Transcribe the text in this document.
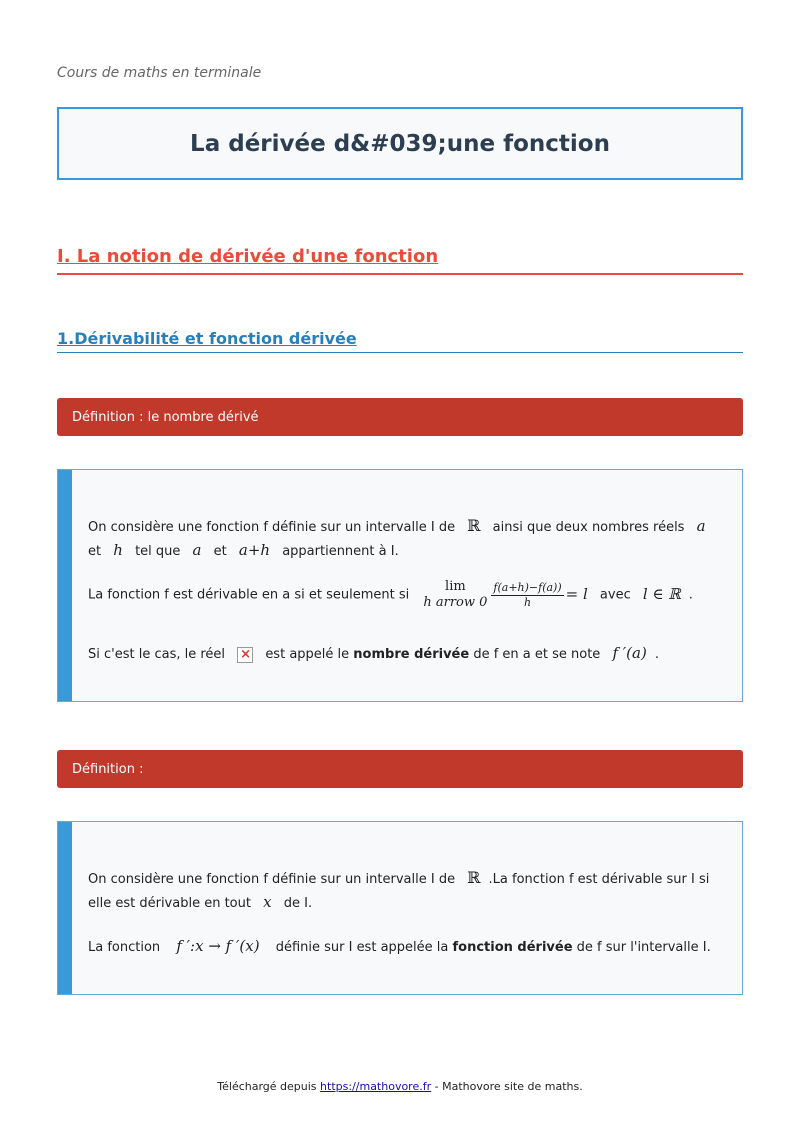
Cours de maths en terminale
La dérivée d&#039;une fonction
I. La notion de dérivée d'une fonction
1.Dérivabilité et fonction dérivée
Définition : le nombre dérivé
On considère une fonction f définie sur un intervalle I de ℝ ainsi que deux nombres réels a et h tel que a et a+h appartiennent à I.
La fonction f est dérivable en a si et seulement si
lim
h arrow $0 \frac{f(a+h)-f(a))}{h} = l$ avec l ∈ ℝ .
Si c'est le cas, le réel ×	est appelé le nombre dérivée de f en a et se note f ′(a) .
Définition :
On considère une fonction f définie sur un intervalle I de ℝ .La fonction f est dérivable sur I si elle est dérivable en tout x de I.
La fonction f ′:x → f ′(x) définie sur I est appelée la fonction dérivée de f sur l'intervalle I.
Téléchargé depuis https://mathovore.fr - Mathovore site de maths.
